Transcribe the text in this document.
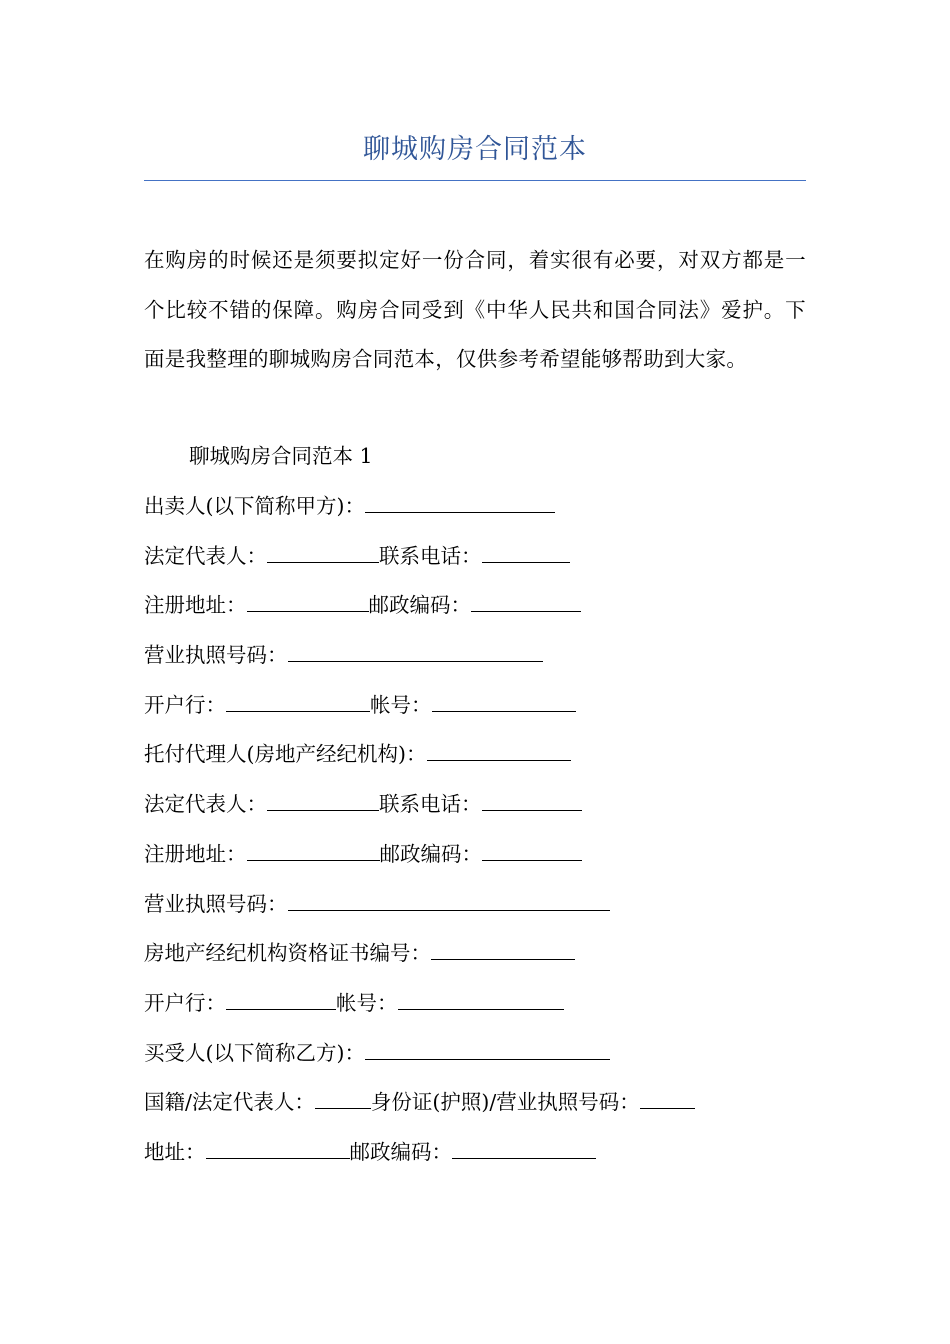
聊城购房合同范本
在购房的时候还是须要拟定好一份合同，着实很有必要，对双方都是一个比较不错的保障。购房合同受到《中华人民共和国合同法》爱护。下面是我整理的聊城购房合同范本，仅供参考希望能够帮助到大家。
聊城购房合同范本 1
出卖人(以下简称甲方)：
法定代表人：	联系电话：
注册地址：	邮政编码：
营业执照号码：
开户行：	帐号：
托付代理人(房地产经纪机构)：
法定代表人：	联系电话：
注册地址：	邮政编码：
营业执照号码：
房地产经纪机构资格证书编号：
开户行：	帐号：
买受人(以下简称乙方)：
国籍/法定代表人：	身份证(护照)/营业执照号码：
地址：	邮政编码：
